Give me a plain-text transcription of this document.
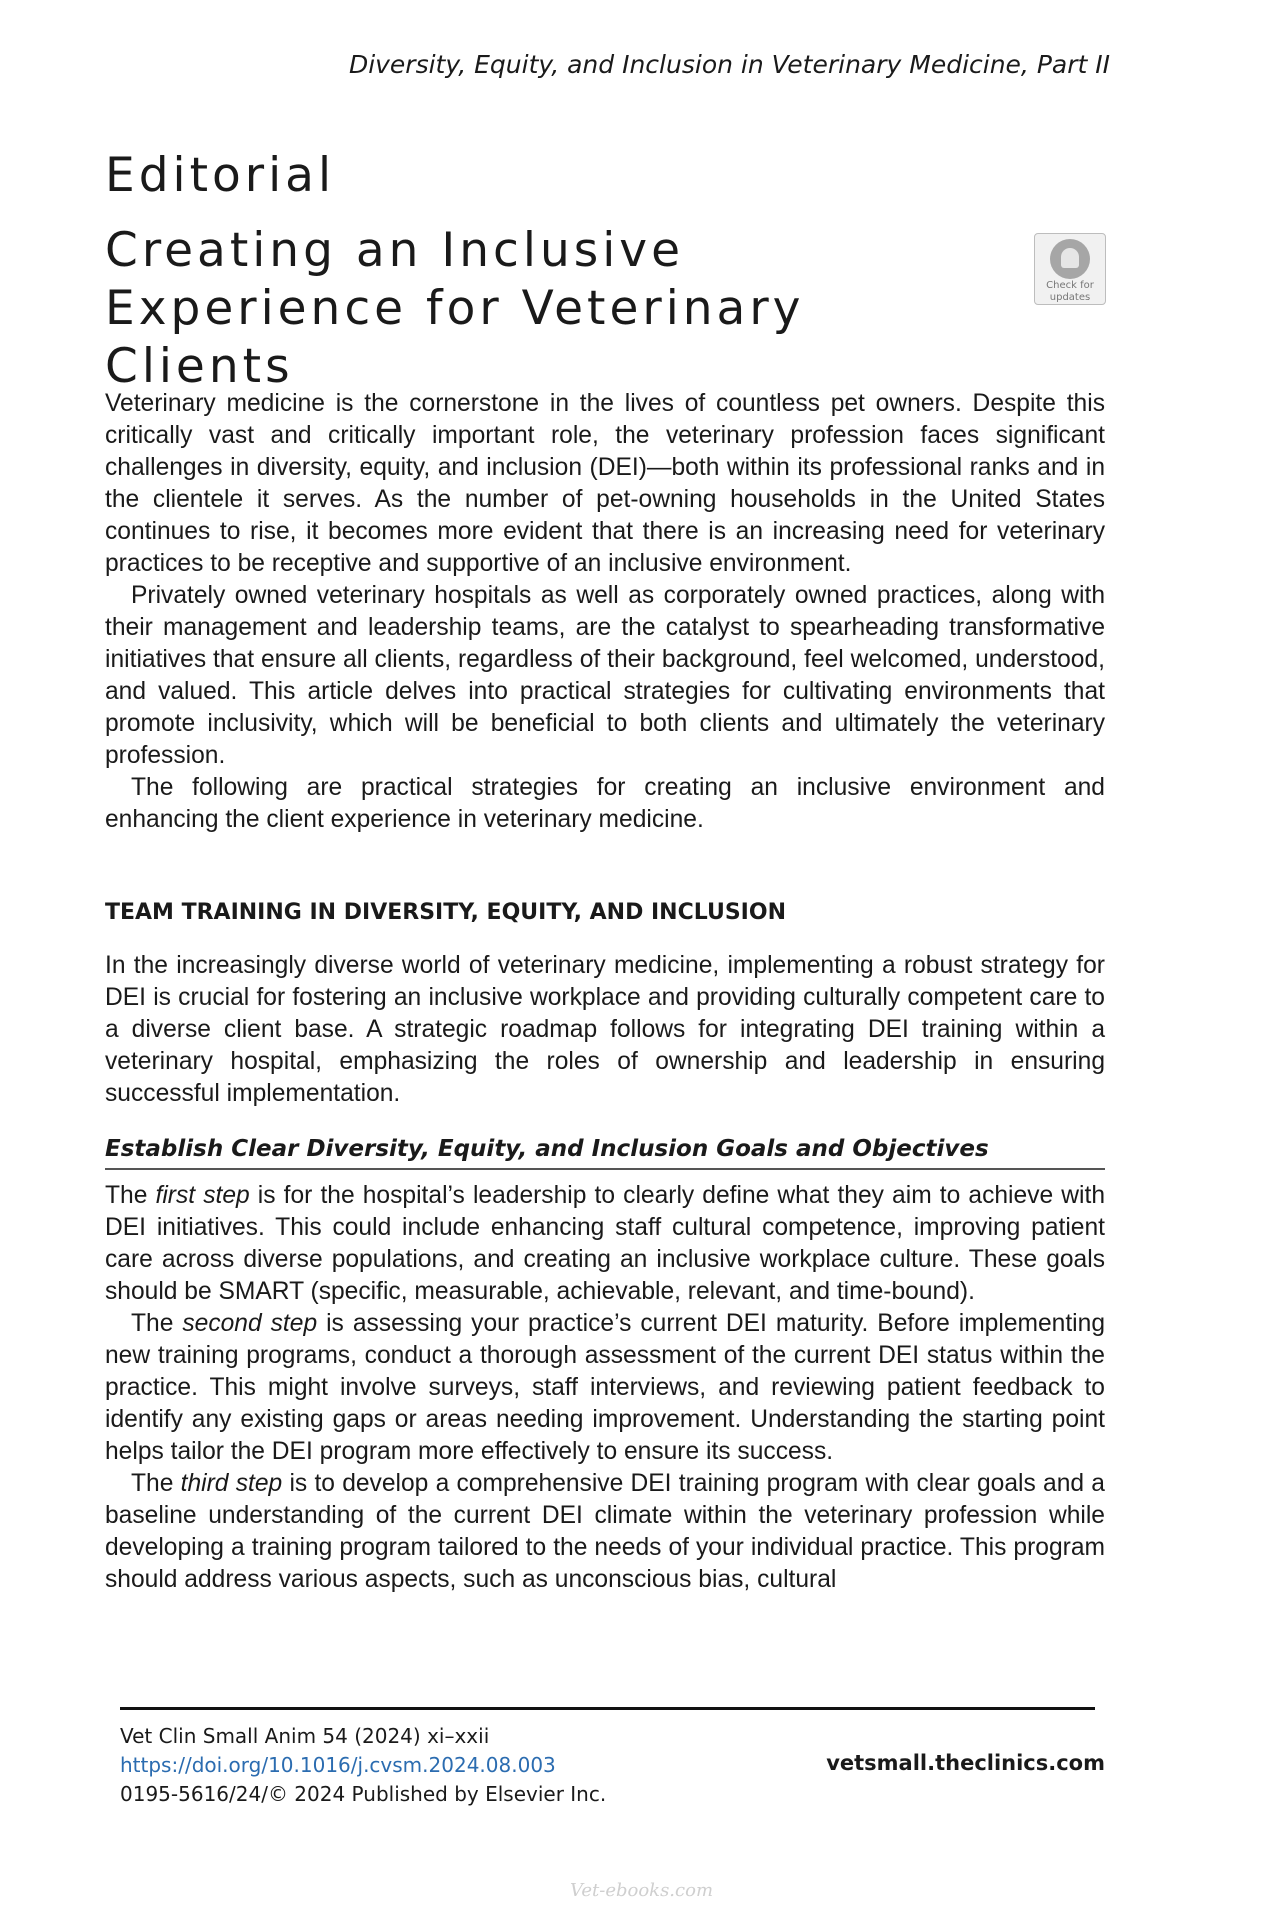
Diversity, Equity, and Inclusion in Veterinary Medicine, Part II
Editorial
Creating an Inclusive Experience for Veterinary Clients
Check for
updates

Veterinary medicine is the cornerstone in the lives of countless pet owners. Despite this critically vast and critically important role, the veterinary profession faces significant challenges in diversity, equity, and inclusion (DEI)—both within its professional ranks and in the clientele it serves. As the number of pet-owning households in the United States continues to rise, it becomes more evident that there is an increasing need for veterinary practices to be receptive and supportive of an inclusive environment.

Privately owned veterinary hospitals as well as corporately owned practices, along with their management and leadership teams, are the catalyst to spearheading transformative initiatives that ensure all clients, regardless of their background, feel welcomed, understood, and valued. This article delves into practical strategies for cultivating environments that promote inclusivity, which will be beneficial to both clients and ultimately the veterinary profession.

The following are practical strategies for creating an inclusive environment and enhancing the client experience in veterinary medicine.

TEAM TRAINING IN DIVERSITY, EQUITY, AND INCLUSION

In the increasingly diverse world of veterinary medicine, implementing a robust strategy for DEI is crucial for fostering an inclusive workplace and providing culturally competent care to a diverse client base. A strategic roadmap follows for integrating DEI training within a veterinary hospital, emphasizing the roles of ownership and leadership in ensuring successful implementation.

Establish Clear Diversity, Equity, and Inclusion Goals and Objectives

The first step is for the hospital’s leadership to clearly define what they aim to achieve with DEI initiatives. This could include enhancing staff cultural competence, improving patient care across diverse populations, and creating an inclusive workplace culture. These goals should be SMART (specific, measurable, achievable, relevant, and time-bound).

The second step is assessing your practice’s current DEI maturity. Before implementing new training programs, conduct a thorough assessment of the current DEI status within the practice. This might involve surveys, staff interviews, and reviewing patient feedback to identify any existing gaps or areas needing improvement. Understanding the starting point helps tailor the DEI program more effectively to ensure its success.

The third step is to develop a comprehensive DEI training program with clear goals and a baseline understanding of the current DEI climate within the veterinary profession while developing a training program tailored to the needs of your individual practice. This program should address various aspects, such as unconscious bias, cultural

Vet Clin Small Anim 54 (2024) xi–xxii
https://doi.org/10.1016/j.cvsm.2024.08.003
0195-5616/24/© 2024 Published by Elsevier Inc.
vetsmall.theclinics.com
Vet-ebooks.com
